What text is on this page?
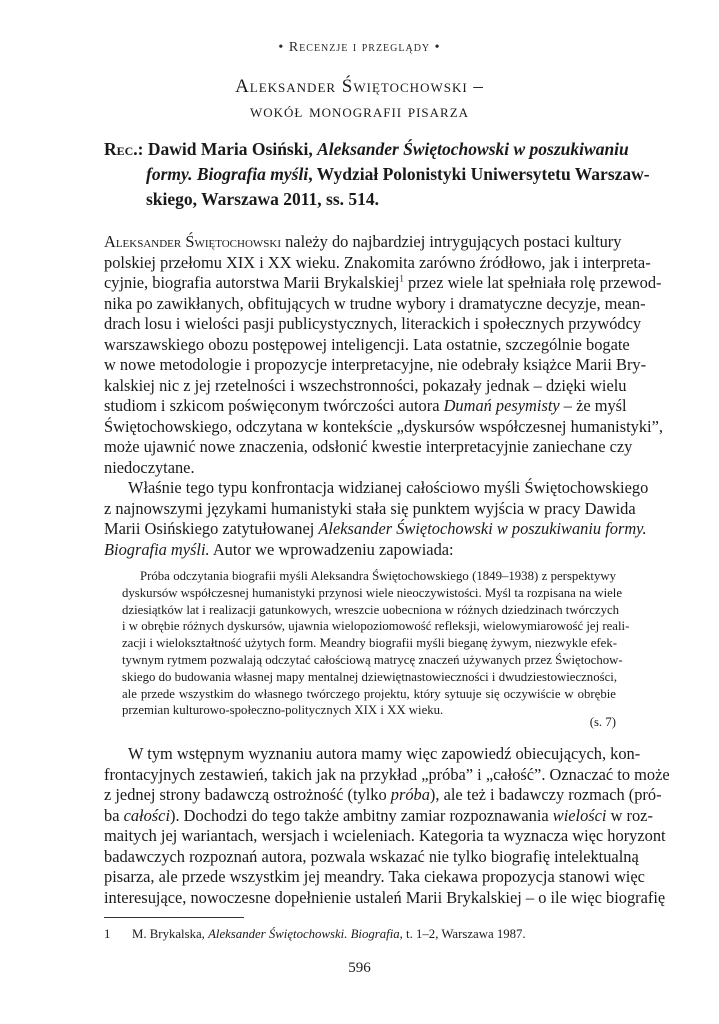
• Recenzje i przeglądy •
Aleksander Świętochowski –
wokół monografii pisarza
Rec.: Dawid Maria Osiński, Aleksander Świętochowski w poszukiwaniu
formy. Biografia myśli, Wydział Polonistyki Uniwersytetu Warszaw-
skiego, Warszawa 2011, ss. 514.
Aleksander Świętochowski należy do najbardziej intrygujących postaci kultury
polskiej przełomu XIX i XX wieku. Znakomita zarówno źródłowo, jak i interpreta-
cyjnie, biografia autorstwa Marii Brykalskiej$^1$ przez wiele lat spełniała rolę przewod-
nika po zawikłanych, obfitujących w trudne wybory i dramatyczne decyzje, mean-
drach losu i wielości pasji publicystycznych, literackich i społecznych przywódcy
warszawskiego obozu postępowej inteligencji. Lata ostatnie, szczególnie bogate
w nowe metodologie i propozycje interpretacyjne, nie odebrały książce Marii Bry-
kalskiej nic z jej rzetelności i wszechstronności, pokazały jednak – dzięki wielu
studiom i szkicom poświęconym twórczości autora Dumań pesymisty – że myśl
Świętochowskiego, odczytana w kontekście „dyskursów współczesnej humanistyki”,
może ujawnić nowe znaczenia, odsłonić kwestie interpretacyjnie zaniechane czy
niedoczytane.
Właśnie tego typu konfrontacja widzianej całościowo myśli Świętochowskiego
z najnowszymi językami humanistyki stała się punktem wyjścia w pracy Dawida
Marii Osińskiego zatytułowanej Aleksander Świętochowski w poszukiwaniu formy.
Biografia myśli. Autor we wprowadzeniu zapowiada:
Próba odczytania biografii myśli Aleksandra Świętochowskiego (1849–1938) z perspektywy
dyskursów współczesnej humanistyki przynosi wiele nieoczywistości. Myśl ta rozpisana na wiele
dziesiątków lat i realizacji gatunkowych, wreszcie uobecniona w różnych dziedzinach twórczych
i w obrębie różnych dyskursów, ujawnia wielopoziomowość refleksji, wielowymiarowość jej reali-
zacji i wielokształtność użytych form. Meandry biografii myśli bieganę żywym, niezwykle efek-
tywnym rytmem pozwalają odczytać całościową matrycę znaczeń używanych przez Świętochow-
skiego do budowania własnej mapy mentalnej dziewiętnastowieczności i dwudziestowieczności,
ale przede wszystkim do własnego twórczego projektu, który sytuuje się oczywiście w obrębie
przemian kulturowo-społeczno-politycznych XIX i XX wieku.
(s. 7)
W tym wstępnym wyznaniu autora mamy więc zapowiedź obiecujących, kon-
frontacyjnych zestawień, takich jak na przykład „próba” i „całość”. Oznaczać to może
z jednej strony badawczą ostrożność (tylko próba), ale też i badawczy rozmach (pró-
ba całości). Dochodzi do tego także ambitny zamiar rozpoznawania wielości w roz-
maitych jej wariantach, wersjach i wcieleniach. Kategoria ta wyznacza więc horyzont
badawczych rozpoznań autora, pozwala wskazać nie tylko biografię intelektualną
pisarza, ale przede wszystkim jej meandry. Taka ciekawa propozycja stanowi więc
interesujące, nowoczesne dopełnienie ustaleń Marii Brykalskiej – o ile więc biografię
1 M. Brykalska, Aleksander Świętochowski. Biografia, t. 1–2, Warszawa 1987.
596
